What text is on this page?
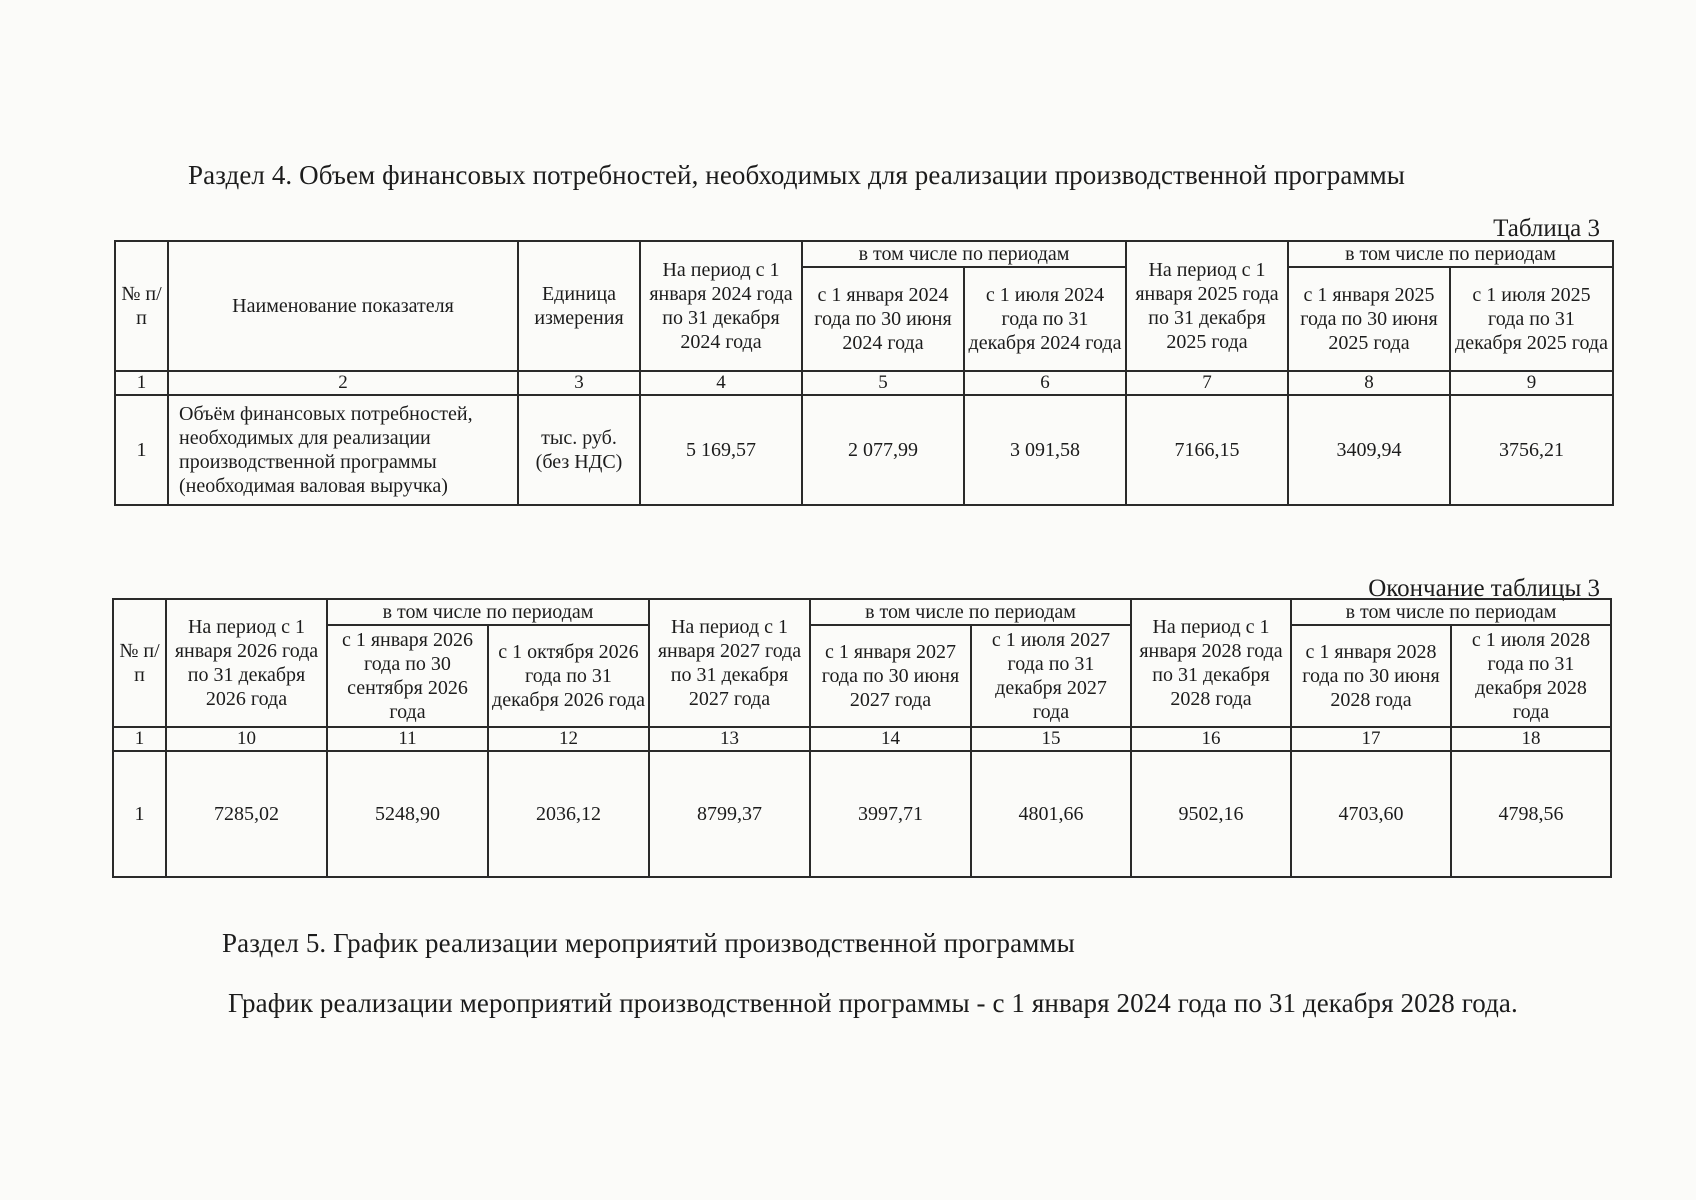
Раздел 4. Объем финансовых потребностей, необходимых для реализации производственной программы
Таблица 3
№ п/п	Наименование показателя	Единица измерения	На период с 1 января 2024 года по 31 декабря 2024 года	в том числе по периодам		На период с 1 января 2025 года по 31 декабря 2025 года	в том числе по периодам	
				с 1 января 2024 года по 30 июня 2024 года	с 1 июля 2024 года по 31 декабря 2024 года		с 1 января 2025 года по 30 июня 2025 года	с 1 июля 2025 года по 31 декабря 2025 года
1	2	3	4	5	6	7	8	9
1	Объём финансовых потребностей, необходимых для реализации производственной программы (необходимая валовая выручка)	тыс. руб. (без НДС)	5 169,57	2 077,99	3 091,58	7166,15	3409,94	3756,21
Окончание таблицы 3
№ п/п	На период с 1 января 2026 года по 31 декабря 2026 года	в том числе по периодам		На период с 1 января 2027 года по 31 декабря 2027 года	в том числе по периодам		На период с 1 января 2028 года по 31 декабря 2028 года	в том числе по периодам	
		с 1 января 2026 года по 30 сентября 2026 года	с 1 октября 2026 года по 31 декабря 2026 года		с 1 января 2027 года по 30 июня 2027 года	с 1 июля 2027 года по 31 декабря 2027 года		с 1 января 2028 года по 30 июня 2028 года	с 1 июля 2028 года по 31 декабря 2028 года
1	10	11	12	13	14	15	16	17	18
1	7285,02	5248,90	2036,12	8799,37	3997,71	4801,66	9502,16	4703,60	4798,56
Раздел 5. График реализации мероприятий производственной программы

График реализации мероприятий производственной программы - с 1 января 2024 года по 31 декабря 2028 года.
